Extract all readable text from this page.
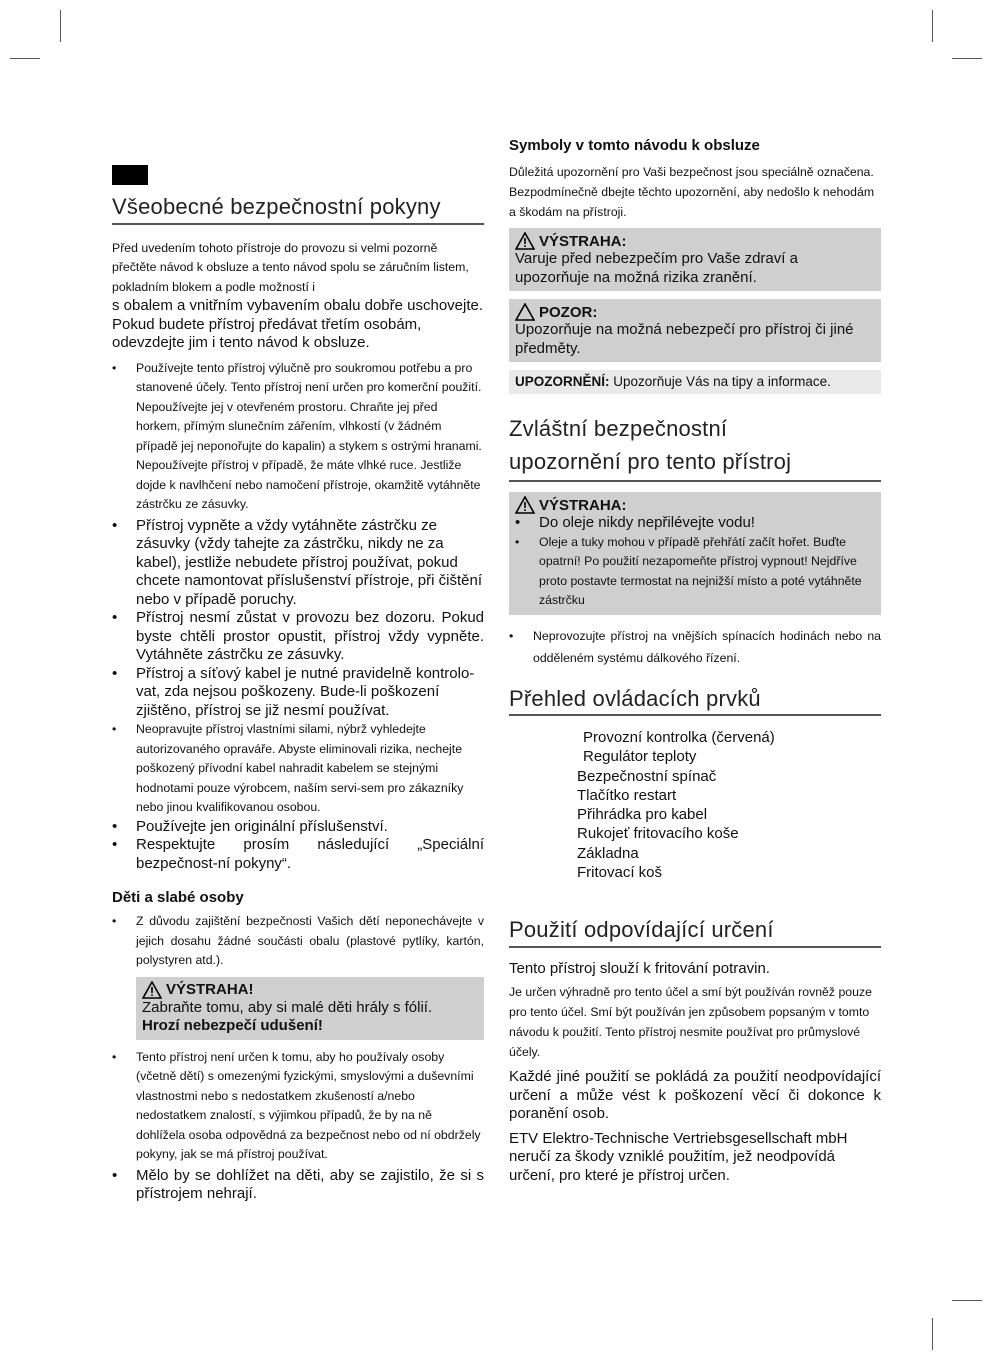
Všeobecné bezpečnostní pokyny

Před uvedením tohoto přístroje do provozu si velmi pozorně přečtěte návod k obsluze a tento návod spolu se záručním listem, pokladním blokem a podle možností i

s obalem a vnitřním vybavením obalu dobře uschovejte. Pokud budete přístroj předávat třetím osobám, odevzdejte jim i tento návod k obsluze.

• Používejte tento přístroj výlučně pro soukromou potřebu a pro stanovené účely. Tento přístroj není určen pro komerční použití. Nepoužívejte jej v otevřeném prostoru. Chraňte jej před horkem, přímým slunečním zářením, vlhkostí (v žádném případě jej neponořujte do kapalin) a stykem s ostrými hranami. Nepoužívejte přístroj v případě, že máte vlhké ruce. Jestliže dojde k navlhčení nebo namočení přístroje, okamžitě vytáhněte zástrčku ze zásuvky.
• Přístroj vypněte a vždy vytáhněte zástrčku ze zásuvky (vždy tahejte za zástrčku, nikdy ne za kabel), jestliže nebudete přístroj používat, pokud chcete namontovat příslušenství přístroje, při čištění nebo v případě poruchy.
• Přístroj nesmí zůstat v provozu bez dozoru. Pokud byste chtěli prostor opustit, přístroj vždy vypněte. Vytáhněte zástrčku ze zásuvky.
• Přístroj a síťový kabel je nutné pravidelně kontrolo-vat, zda nejsou poškozeny. Bude-li poškození zjištěno, přístroj se již nesmí používat.
• Neopravujte přístroj vlastními silami, nýbrž vyhledejte autorizovaného opraváře. Abyste eliminovali rizika, nechejte poškozený přívodní kabel nahradit kabelem se stejnými hodnotami pouze výrobcem, naším servi-sem pro zákazníky nebo jinou kvalifikovanou osobou.
• Používejte jen originální příslušenství.
• Respektujte prosím následující „Speciální bezpečnost-ní pokyny“.
Děti a slabé osoby
• Z důvodu zajištění bezpečnosti Vašich dětí neponechávejte v jejich dosahu žádné součásti obalu (plastové pytlíky, kartón, polystyren atd.).
VÝSTRAHA!
Zabraňte tomu, aby si malé děti hrály s fólií.
Hrozí nebezpečí udušení!
• Tento přístroj není určen k tomu, aby ho používaly osoby (včetně dětí) s omezenými fyzickými, smyslovými a duševními vlastnostmi nebo s nedostatkem zkušeností a/nebo nedostatkem znalostí, s výjimkou případů, že by na ně dohlížela osoba odpovědná za bezpečnost nebo od ní obdržely pokyny, jak se má přístroj používat.
• Mělo by se dohlížet na děti, aby se zajistilo, že si s přístrojem nehrají.
Symboly v tomto návodu k obsluze

Důležitá upozornění pro Vaši bezpečnost jsou speciálně označena. Bezpodmínečně dbejte těchto upozornění, aby nedošlo k nehodám a škodám na přístroji.

VÝSTRAHA:
Varuje před nebezpečím pro Vaše zdraví a upozorňuje na možná rizika zranění.
POZOR:
Upozorňuje na možná nebezpečí pro přístroj či jiné předměty.
UPOZORNĚNÍ: Upozorňuje Vás na tipy a informace.
Zvláštní bezpečnostní
upozornění pro tento přístroj
VÝSTRAHA:
• Do oleje nikdy nepřilévejte vodu!
• Oleje a tuky mohou v případě přehřátí začít hořet. Buďte opatrní! Po použití nezapomeňte přístroj vypnout! Nejdříve proto postavte termostat na nejnižší místo a poté vytáhněte zástrčku
• Neprovozujte přístroj na vnějších spínacích hodinách nebo na odděleném systému dálkového řízení.
Přehled ovládacích prvků
Provozní kontrolka (červená)
Regulátor teploty
Bezpečnostní spínač
Tlačítko restart
Přihrádka pro kabel
Rukojeť fritovacího koše
Základna
Fritovací koš
Použití odpovídající určení

Tento přístroj slouží k fritování potravin.

Je určen výhradně pro tento účel a smí být používán rovněž pouze pro tento účel. Smí být používán jen způsobem popsaným v tomto návodu k použití. Tento přístroj nesmite používat pro průmyslové účely.

Každé jiné použití se pokládá za použití neodpovídající určení a může vést k poškození věcí či dokonce k poranění osob.

ETV Elektro-Technische Vertriebsgesellschaft mbH neručí za škody vzniklé použitím, jež neodpovídá určení, pro které je přístroj určen.
